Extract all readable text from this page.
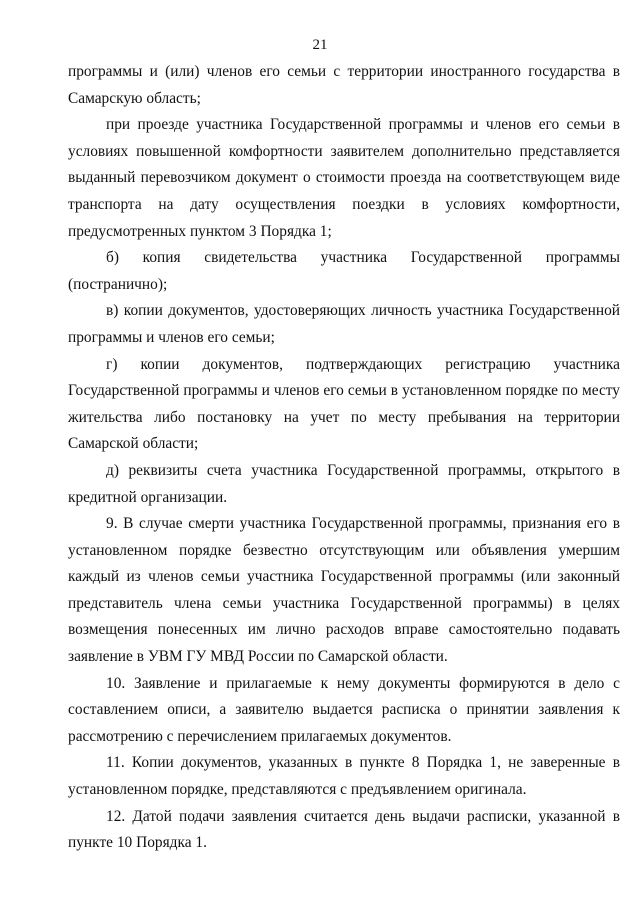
21

программы и (или) членов его семьи с территории иностранного государства в Самарскую область;

при проезде участника Государственной программы и членов его семьи в условиях повышенной комфортности заявителем дополнительно представляется выданный перевозчиком документ о стоимости проезда на соответствующем виде транспорта на дату осуществления поездки в условиях комфортности, предусмотренных пунктом 3 Порядка 1;

б) копия свидетельства участника Государственной программы (постранично);

в) копии документов, удостоверяющих личность участника Государственной программы и членов его семьи;

г) копии документов, подтверждающих регистрацию участника Государственной программы и членов его семьи в установленном порядке по месту жительства либо постановку на учет по месту пребывания на территории Самарской области;

д) реквизиты счета участника Государственной программы, открытого в кредитной организации.

9. В случае смерти участника Государственной программы, признания его в установленном порядке безвестно отсутствующим или объявления умершим каждый из членов семьи участника Государственной программы (или законный представитель члена семьи участника Государственной программы) в целях возмещения понесенных им лично расходов вправе самостоятельно подавать заявление в УВМ ГУ МВД России по Самарской области.

10. Заявление и прилагаемые к нему документы формируются в дело с составлением описи, а заявителю выдается расписка о принятии заявления к рассмотрению с перечислением прилагаемых документов.

11. Копии документов, указанных в пункте 8 Порядка 1, не заверенные в установленном порядке, представляются с предъявлением оригинала.

12. Датой подачи заявления считается день выдачи расписки, указанной в пункте 10 Порядка 1.
